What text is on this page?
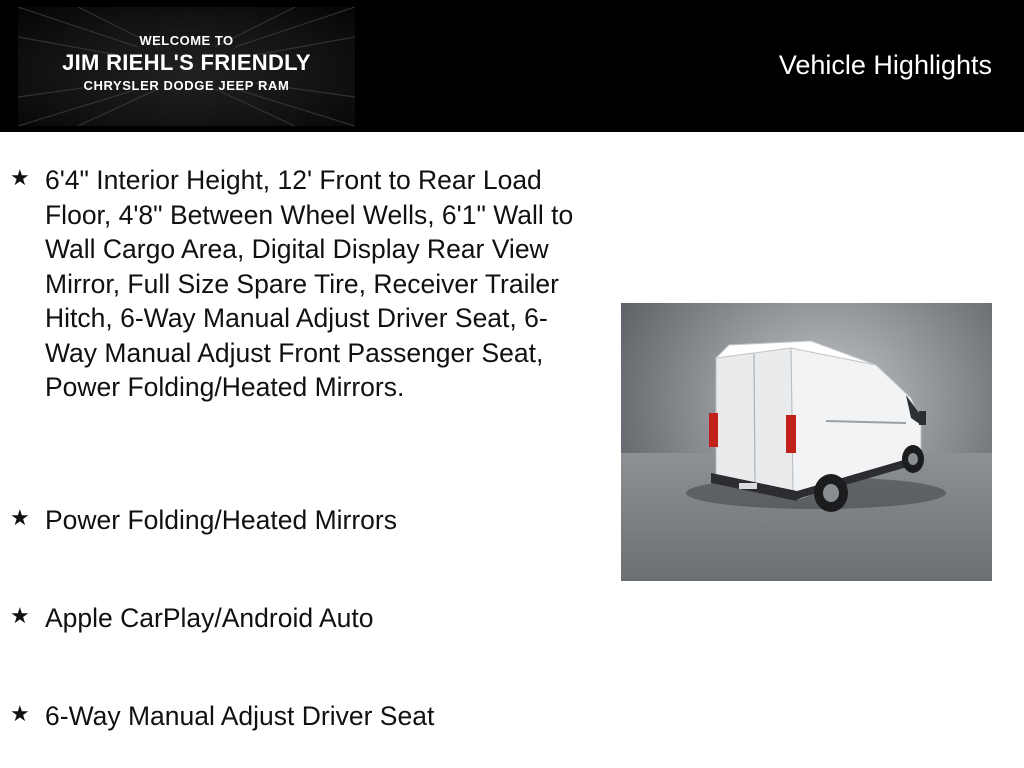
WELCOME TO
JIM RIEHL'S FRIENDLY
CHRYSLER DODGE JEEP RAM
Vehicle Highlights
★ 6'4" Interior Height, 12' Front to Rear Load Floor, 4'8" Between Wheel Wells, 6'1" Wall to Wall Cargo Area, Digital Display Rear View Mirror, Full Size Spare Tire, Receiver Trailer Hitch, 6-Way Manual Adjust Driver Seat, 6-Way Manual Adjust Front Passenger Seat, Power Folding/Heated Mirrors.
★ Power Folding/Heated Mirrors
★ Apple CarPlay/Android Auto
★ 6-Way Manual Adjust Driver Seat
